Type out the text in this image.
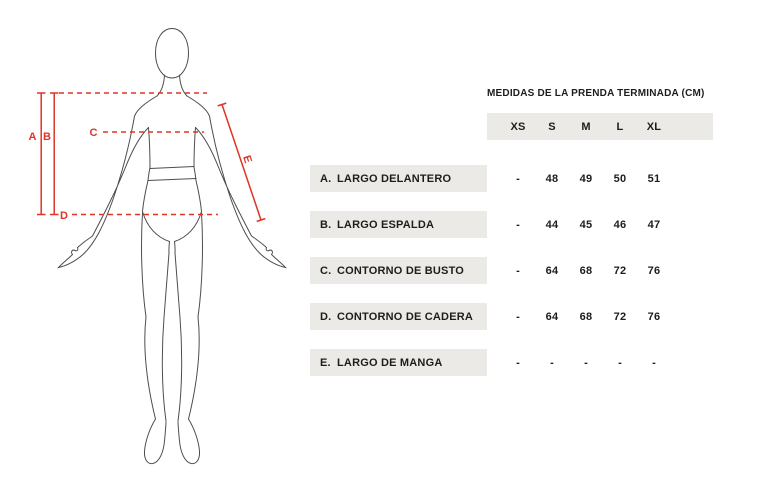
A B	C
D
E
MEDIDAS DE LA PRENDA TERMINADA (CM)
XS	S	M	L	XL
A. LARGO DELANTERO	-	48	49	50	51
B. LARGO ESPALDA	-	44	45	46	47
C. CONTORNO DE BUSTO	-	64	68	72	76
D. CONTORNO DE CADERA	-	64	68	72	76
E. LARGO DE MANGA	-	-	-	-	-
